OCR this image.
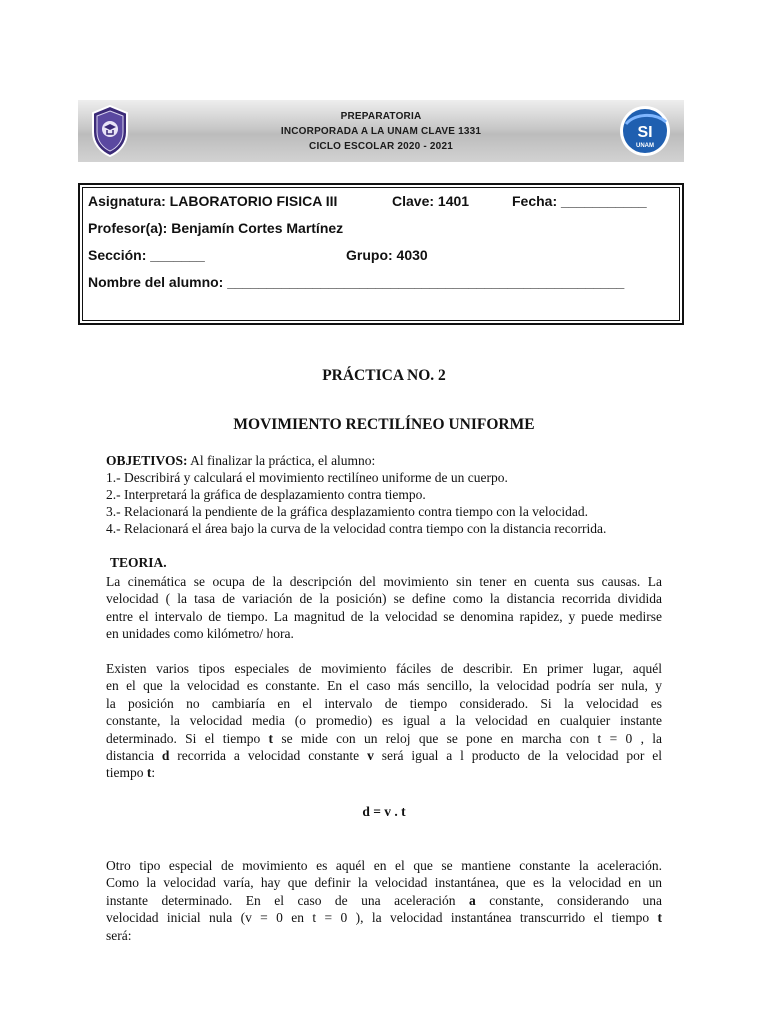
PREPARATORIA
INCORPORADA A LA UNAM CLAVE 1331
CICLO ESCOLAR 2020 - 2021
SI
UNAM
Asignatura: LABORATORIO FISICA III	Clave: 1401	Fecha: ___________
Profesor(a): Benjamín Cortes Martínez
Sección: _______	Grupo: 4030
Nombre del alumno: ___________________________________________________
PRÁCTICA NO. 2
MOVIMIENTO RECTILÍNEO UNIFORME
OBJETIVOS: Al finalizar la práctica, el alumno:
1.- Describirá y calculará el movimiento rectilíneo uniforme de un cuerpo.
2.- Interpretará la gráfica de desplazamiento contra tiempo.
3.- Relacionará la pendiente de la gráfica desplazamiento contra tiempo con la velocidad.
4.- Relacionará el área bajo la curva de la velocidad contra tiempo con la distancia recorrida.
TEORIA.
La cinemática se ocupa de la descripción del movimiento sin tener en cuenta sus causas. La
velocidad ( la tasa de variación de la posición) se define como la distancia recorrida dividida
entre el intervalo de tiempo. La magnitud de la velocidad se denomina rapidez, y puede medirse
en unidades como kilómetro/ hora.
Existen varios tipos especiales de movimiento fáciles de describir. En primer lugar, aquél
en el que la velocidad es constante. En el caso más sencillo, la velocidad podría ser nula, y
la posición no cambiaría en el intervalo de tiempo considerado. Si la velocidad es
constante, la velocidad media (o promedio) es igual a la velocidad en cualquier instante
determinado. Si el tiempo t se mide con un reloj que se pone en marcha con t = 0 , la
distancia d recorrida a velocidad constante v será igual a l producto de la velocidad por el
tiempo t:
d = v . t
Otro tipo especial de movimiento es aquél en el que se mantiene constante la aceleración.
Como la velocidad varía, hay que definir la velocidad instantánea, que es la velocidad en un
instante determinado. En el caso de una aceleración a constante, considerando una
velocidad inicial nula (v = 0 en t = 0 ), la velocidad instantánea transcurrido el tiempo t
será:
